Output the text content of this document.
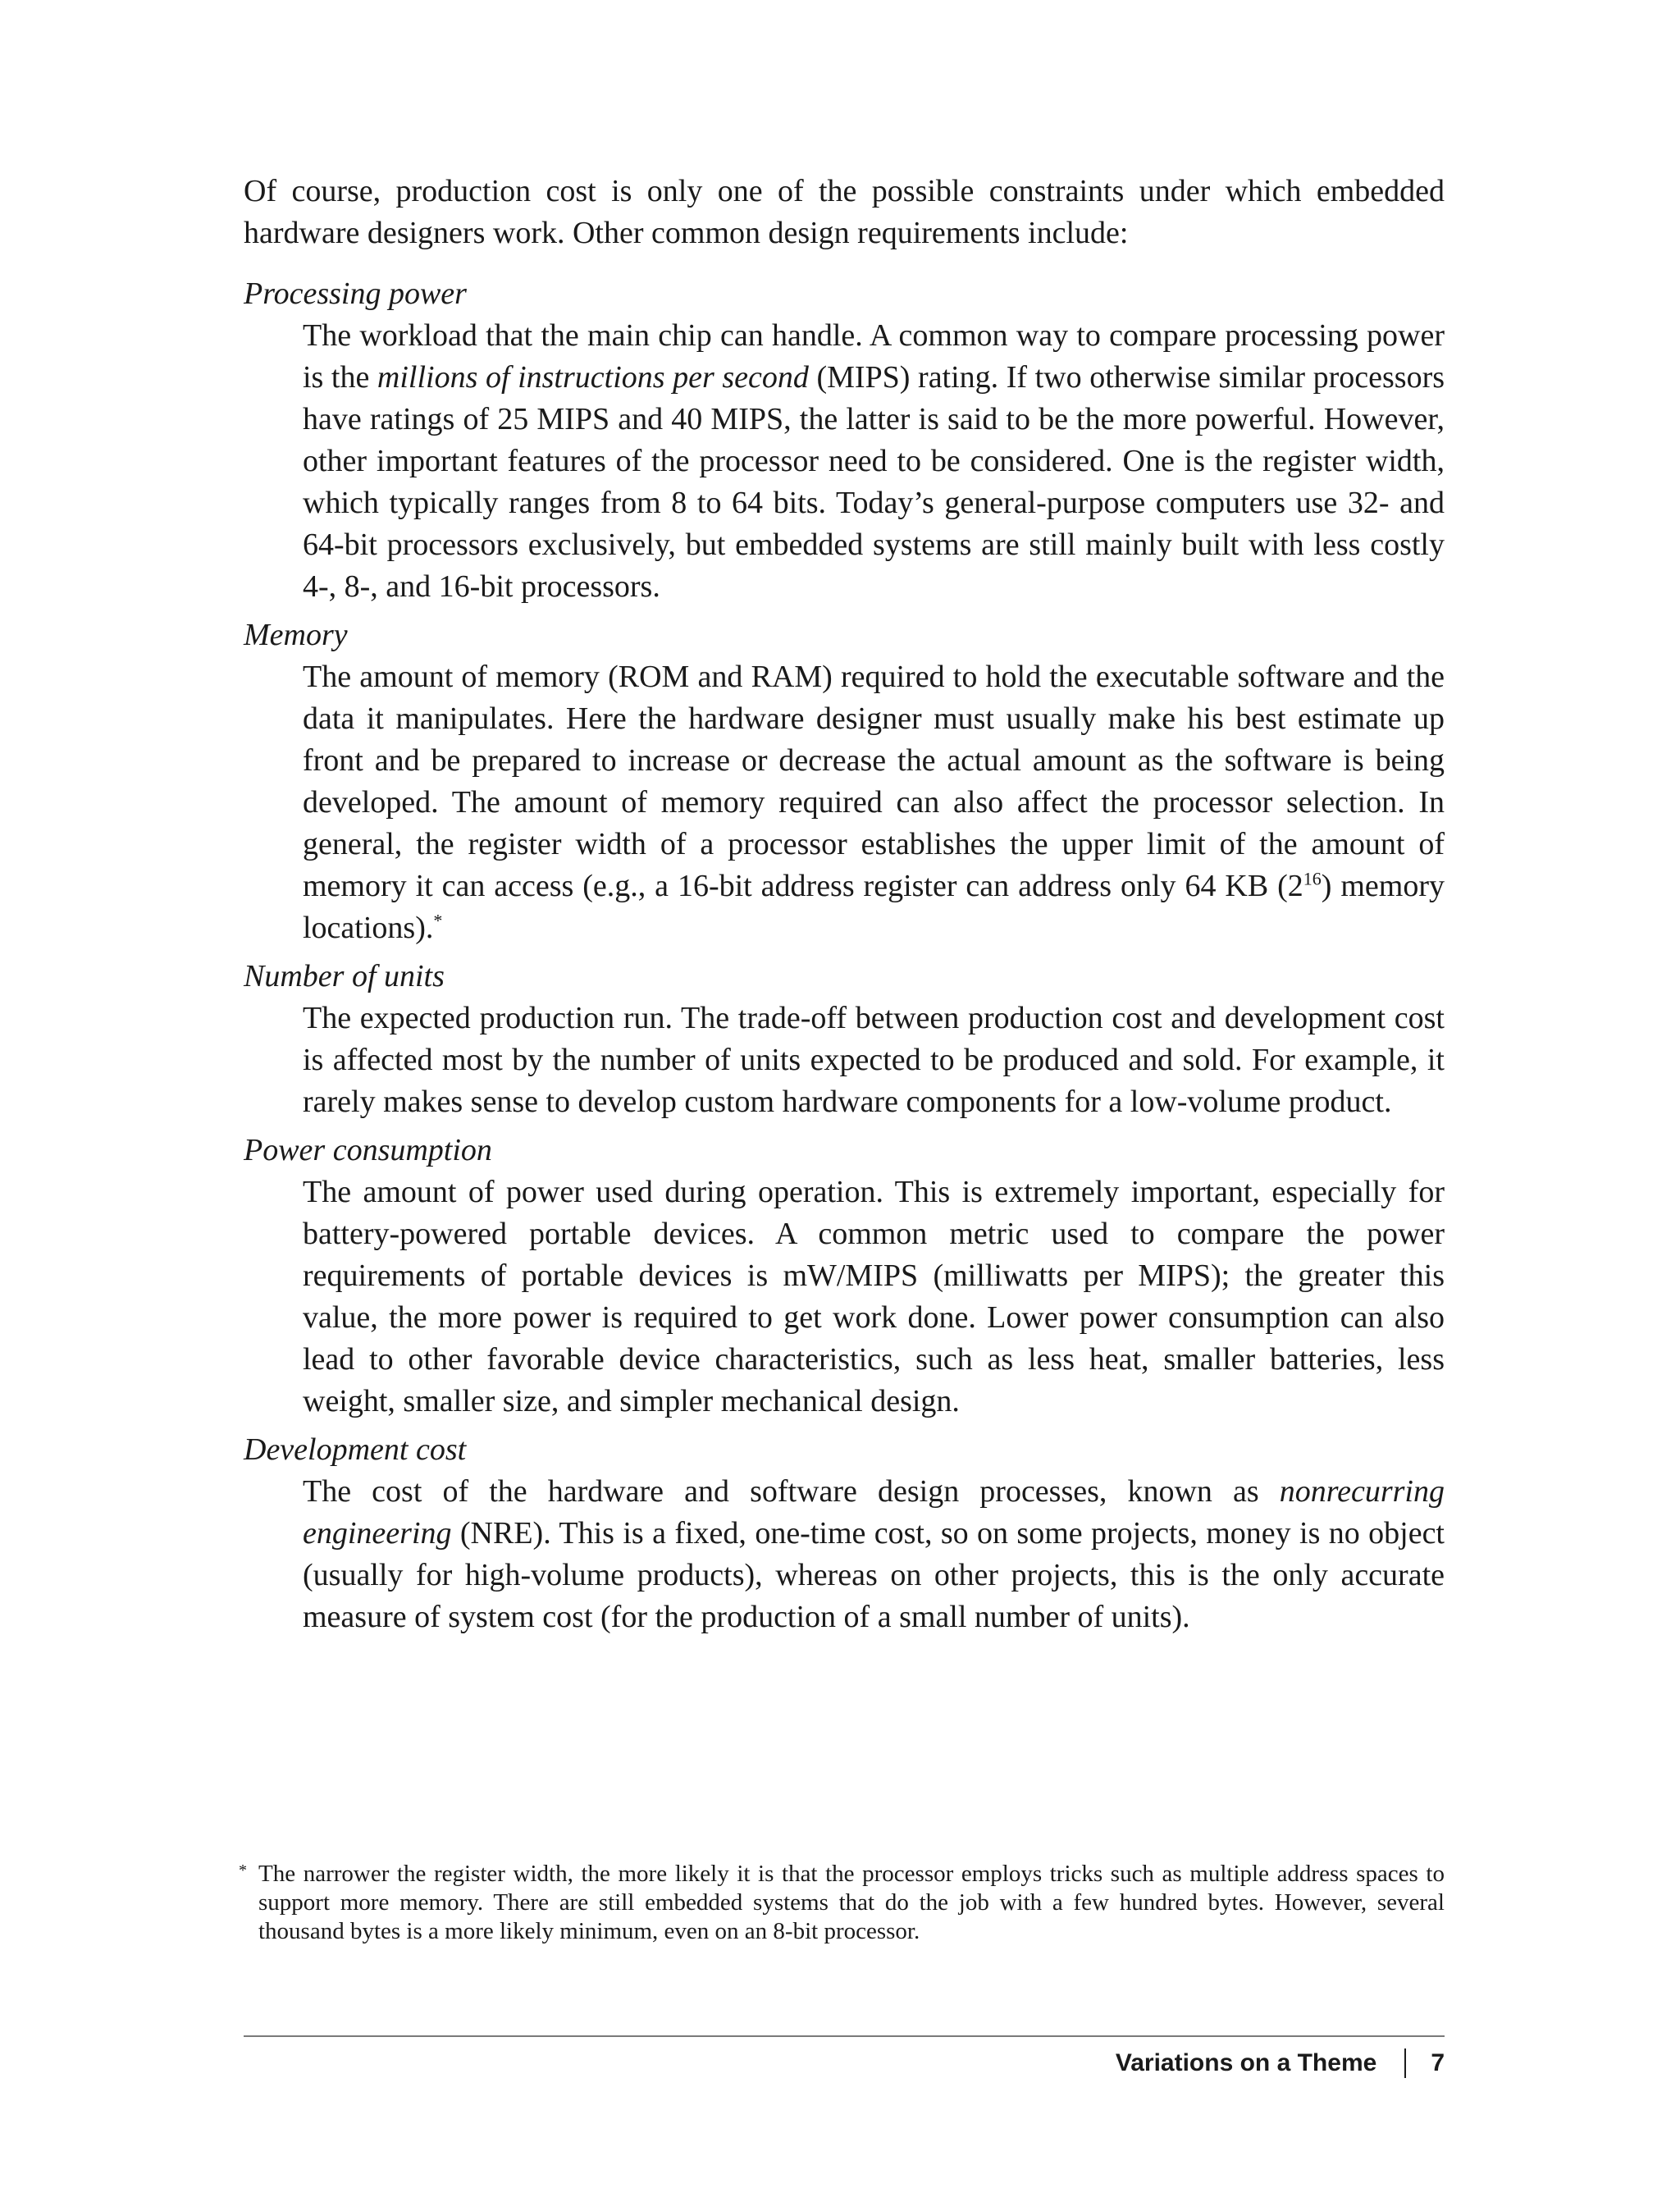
Of course, production cost is only one of the possible constraints under which embedded hardware designers work. Other common design requirements include:

Processing power

The workload that the main chip can handle. A common way to compare processing power is the millions of instructions per second (MIPS) rating. If two otherwise similar processors have ratings of 25 MIPS and 40 MIPS, the latter is said to be the more powerful. However, other important features of the processor need to be considered. One is the register width, which typically ranges from 8 to 64 bits. Today’s general-purpose computers use 32- and 64-bit processors exclusively, but embedded systems are still mainly built with less costly 4-, 8-, and 16-bit processors.

Memory

The amount of memory (ROM and RAM) required to hold the executable software and the data it manipulates. Here the hardware designer must usually make his best estimate up front and be prepared to increase or decrease the actual amount as the software is being developed. The amount of memory required can also affect the processor selection. In general, the register width of a processor establishes the upper limit of the amount of memory it can access (e.g., a 16-bit address register can address only 64 KB $(2^{16})$ memory locations).*

Number of units

The expected production run. The trade-off between production cost and development cost is affected most by the number of units expected to be produced and sold. For example, it rarely makes sense to develop custom hardware components for a low-volume product.

Power consumption

The amount of power used during operation. This is extremely important, especially for battery-powered portable devices. A common metric used to compare the power requirements of portable devices is mW/MIPS (milliwatts per MIPS); the greater this value, the more power is required to get work done. Lower power consumption can also lead to other favorable device characteristics, such as less heat, smaller batteries, less weight, smaller size, and simpler mechanical design.

Development cost

The cost of the hardware and software design processes, known as nonrecurring engineering (NRE). This is a fixed, one-time cost, so on some projects, money is no object (usually for high-volume products), whereas on other projects, this is the only accurate measure of system cost (for the production of a small number of units).

* The narrower the register width, the more likely it is that the processor employs tricks such as multiple address spaces to support more memory. There are still embedded systems that do the job with a few hundred bytes. However, several thousand bytes is a more likely minimum, even on an 8-bit processor.
Variations on a Theme 7
